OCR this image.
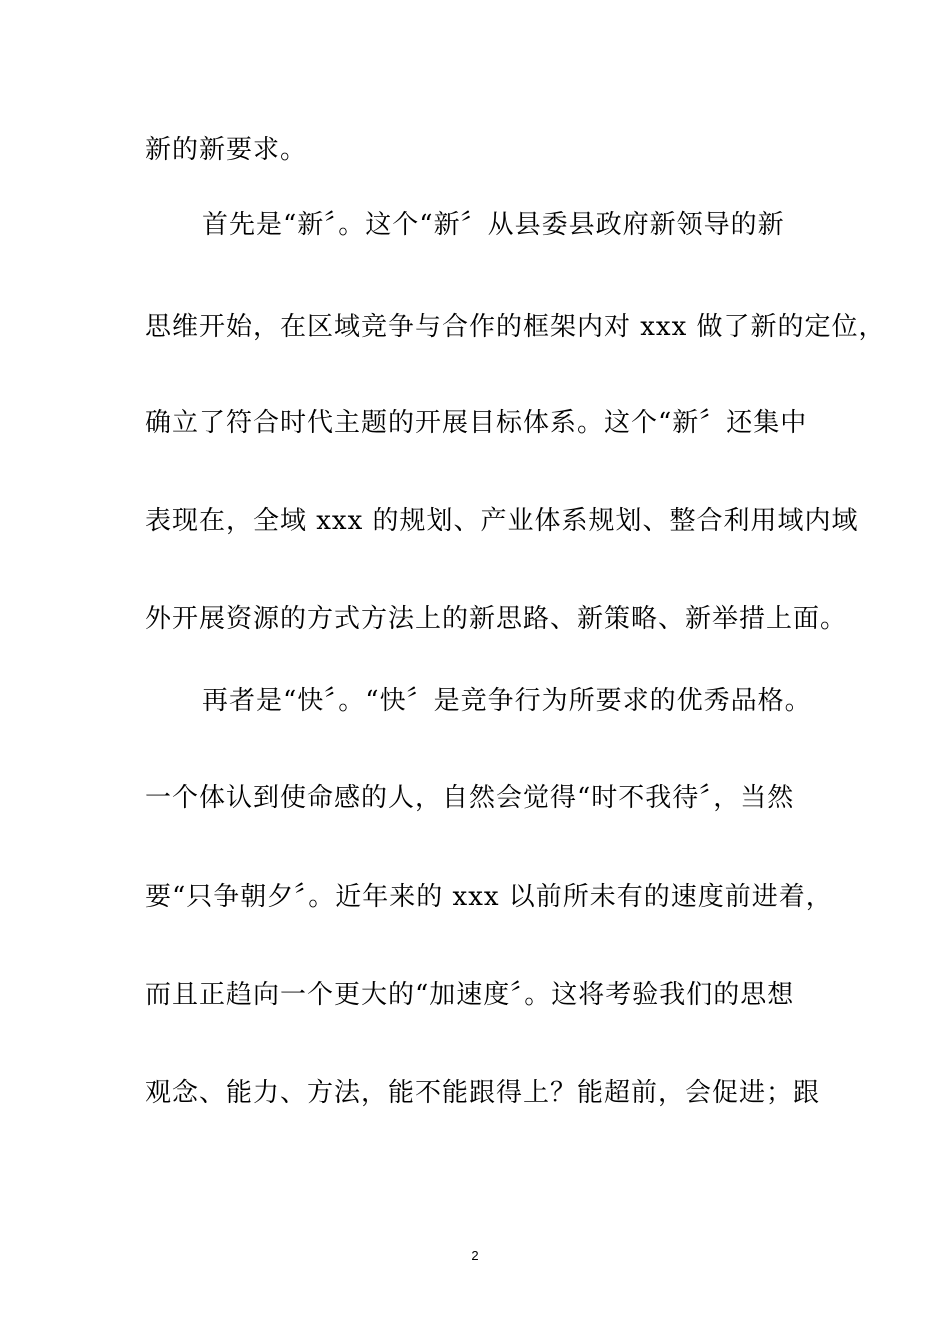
新的新要求。
首先是“新〞。这个“新〞从县委县政府新领导的新
思维开始，在区域竞争与合作的框架内对 xxx 做了新的定位，
确立了符合时代主题的开展目标体系。这个“新〞还集中
表现在，全域 xxx 的规划、产业体系规划、整合利用域内域
外开展资源的方式方法上的新思路、新策略、新举措上面。
再者是“快〞。“快〞是竞争行为所要求的优秀品格。
一个体认到使命感的人，自然会觉得“时不我待〞，当然
要“只争朝夕〞。近年来的 xxx 以前所未有的速度前进着，
而且正趋向一个更大的“加速度〞。这将考验我们的思想
观念、能力、方法，能不能跟得上？能超前，会促进；跟
2
